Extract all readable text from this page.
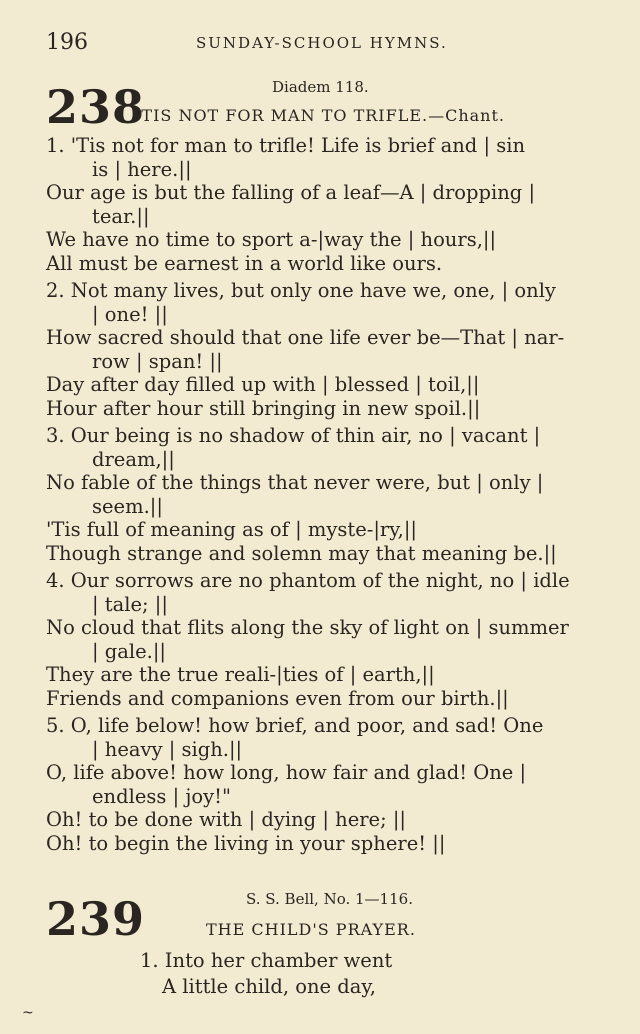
196	SUNDAY-SCHOOL HYMNS.
238	Diadem 118.
'TIS NOT FOR MAN TO TRIFLE.—Chant.
1. 'Tis not for man to trifle! Life is brief and | sin
is | here.||
Our age is but the falling of a leaf—A | dropping |
tear.||
We have no time to sport a-|way the | hours,||
All must be earnest in a world like ours.
2. Not many lives, but only one have we, one, | only
| one! ||
How sacred should that one life ever be—That | nar-
row | span! ||
Day after day filled up with | blessed | toil,||
Hour after hour still bringing in new spoil.||
3. Our being is no shadow of thin air, no | vacant |
dream,||
No fable of the things that never were, but | only |
seem.||
'Tis full of meaning as of | myste-|ry,||
Though strange and solemn may that meaning be.||
4. Our sorrows are no phantom of the night, no | idle
| tale; ||
No cloud that flits along the sky of light on | summer
| gale.||
They are the true reali-|ties of | earth,||
Friends and companions even from our birth.||
5. O, life below! how brief, and poor, and sad! One
| heavy | sigh.||
O, life above! how long, how fair and glad! One |
endless | joy!"
Oh! to be done with | dying | here; ||
Oh! to begin the living in your sphere! ||
239	S. S. Bell, No. 1—116.
THE CHILD'S PRAYER.
1. Into her chamber went
A little child, one day,
~
